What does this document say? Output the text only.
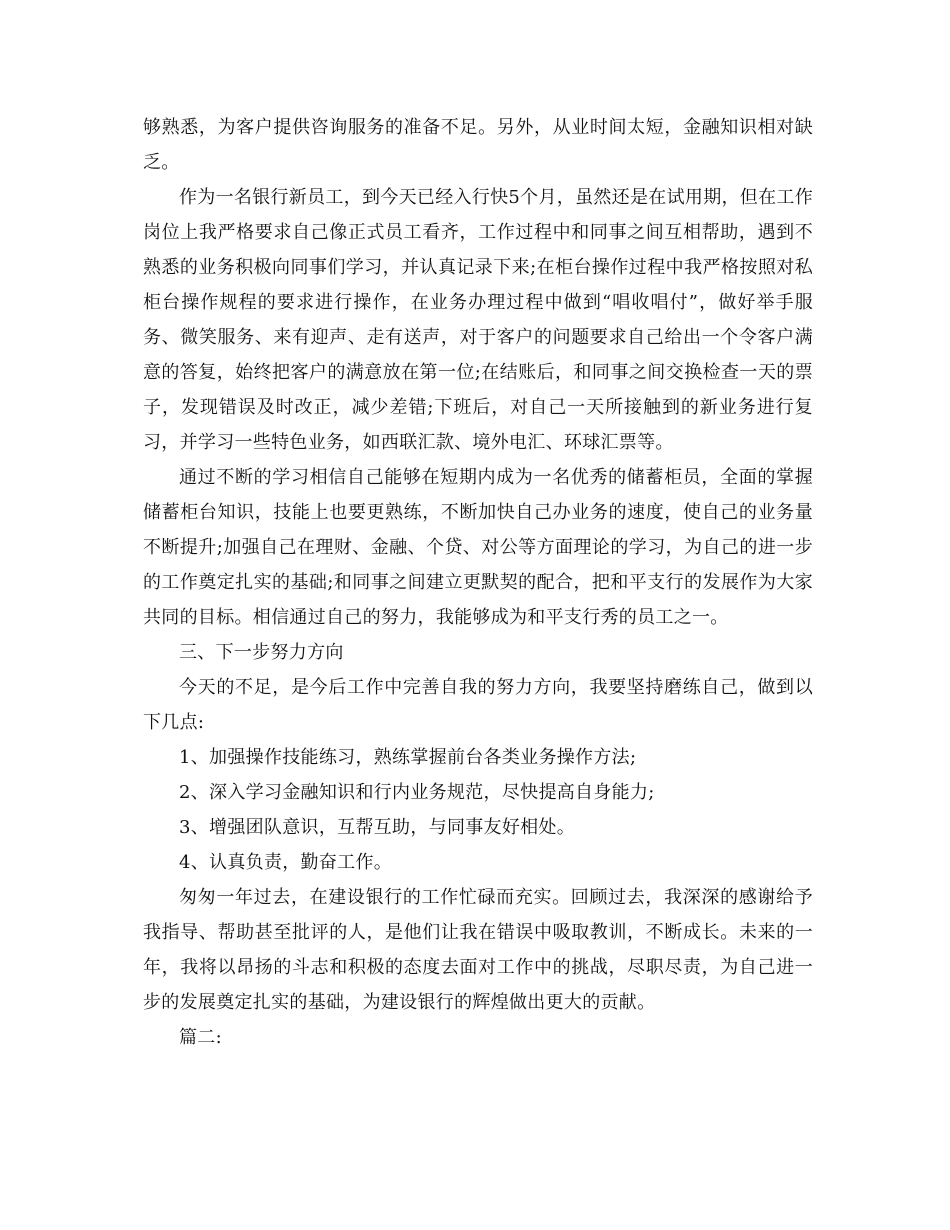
够熟悉，为客户提供咨询服务的准备不足。另外，从业时间太短，金融知识相对缺乏。

作为一名银行新员工，到今天已经入行快5个月，虽然还是在试用期，但在工作岗位上我严格要求自己像正式员工看齐，工作过程中和同事之间互相帮助，遇到不熟悉的业务积极向同事们学习，并认真记录下来;在柜台操作过程中我严格按照对私柜台操作规程的要求进行操作，在业务办理过程中做到“唱收唱付”，做好举手服务、微笑服务、来有迎声、走有送声，对于客户的问题要求自己给出一个令客户满意的答复，始终把客户的满意放在第一位;在结账后，和同事之间交换检查一天的票子，发现错误及时改正，减少差错;下班后，对自己一天所接触到的新业务进行复习，并学习一些特色业务，如西联汇款、境外电汇、环球汇票等。

通过不断的学习相信自己能够在短期内成为一名优秀的储蓄柜员，全面的掌握储蓄柜台知识，技能上也要更熟练，不断加快自己办业务的速度，使自己的业务量不断提升;加强自己在理财、金融、个贷、对公等方面理论的学习，为自己的进一步的工作奠定扎实的基础;和同事之间建立更默契的配合，把和平支行的发展作为大家共同的目标。相信通过自己的努力，我能够成为和平支行秀的员工之一。

三、下一步努力方向

今天的不足，是今后工作中完善自我的努力方向，我要坚持磨练自己，做到以下几点:

1、加强操作技能练习，熟练掌握前台各类业务操作方法;

2、深入学习金融知识和行内业务规范，尽快提高自身能力;

3、增强团队意识，互帮互助，与同事友好相处。

4、认真负责，勤奋工作。

匆匆一年过去，在建设银行的工作忙碌而充实。回顾过去，我深深的感谢给予我指导、帮助甚至批评的人，是他们让我在错误中吸取教训，不断成长。未来的一年，我将以昂扬的斗志和积极的态度去面对工作中的挑战，尽职尽责，为自己进一步的发展奠定扎实的基础，为建设银行的辉煌做出更大的贡献。

篇二:
